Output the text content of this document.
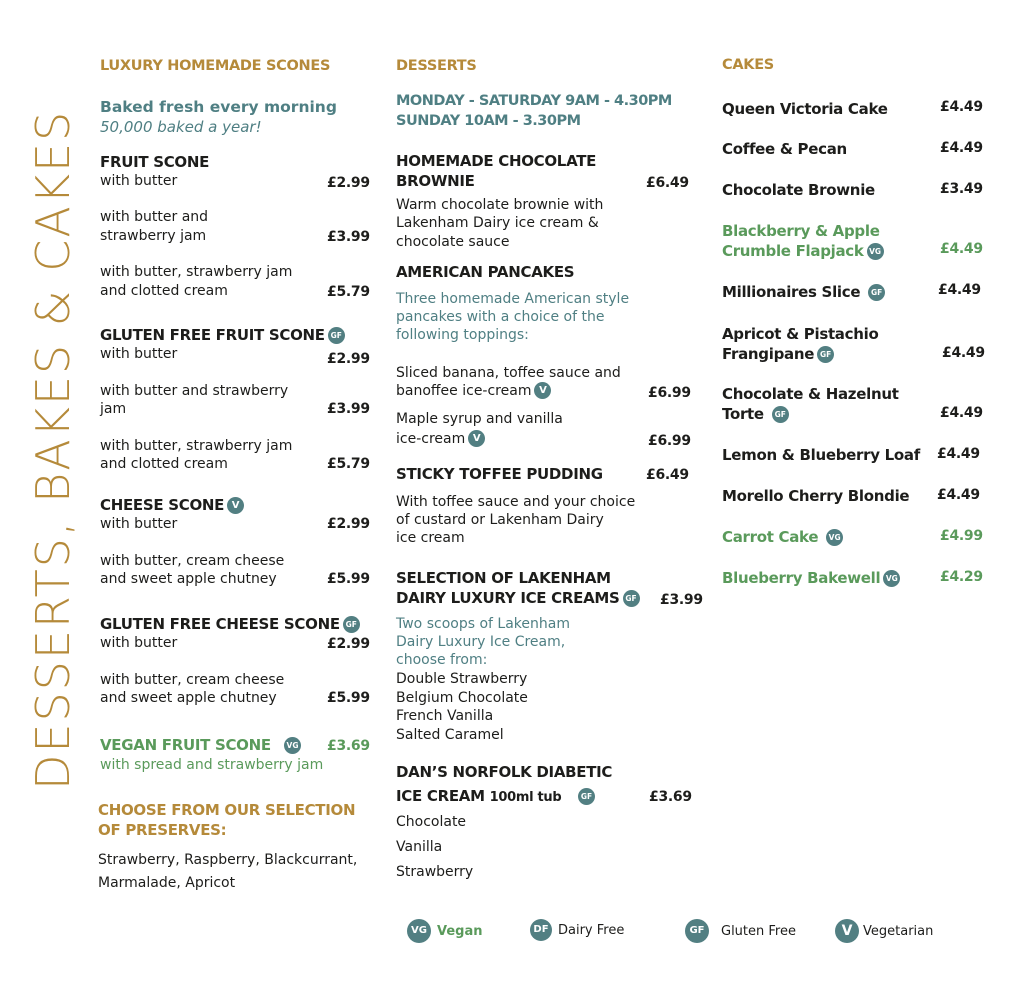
DESSERTS, BAKES & CAKES
LUXURY HOMEMADE SCONES
Baked fresh every morning
50,000 baked a year!
FRUIT SCONE
with butter	£2.99
with butter and
strawberry jam	£3.99
with butter, strawberry jam
and clotted cream	£5.79
GLUTEN FREE FRUIT SCONE GF
with butter	£2.99
with butter and strawberry
jam	£3.99
with butter, strawberry jam
and clotted cream	£5.79
CHEESE SCONE V
with butter	£2.99
with butter, cream cheese
and sweet apple chutney	£5.99
GLUTEN FREE CHEESE SCONE GF
with butter	£2.99
with butter, cream cheese
and sweet apple chutney	£5.99
VEGAN FRUIT SCONE	VG £3.69
with spread and strawberry jam
CHOOSE FROM OUR SELECTION
OF PRESERVES:
Strawberry, Raspberry, Blackcurrant,
Marmalade, Apricot
DESSERTS
MONDAY - SATURDAY 9AM - 4.30PM
SUNDAY 10AM - 3.30PM
HOMEMADE CHOCOLATE
BROWNIE	£6.49
Warm chocolate brownie with
Lakenham Dairy ice cream &
chocolate sauce
AMERICAN PANCAKES
Three homemade American style
pancakes with a choice of the
following toppings:
Sliced banana, toffee sauce and
banoffee ice-cream V	£6.99
Maple syrup and vanilla
ice-cream V	£6.99
STICKY TOFFEE PUDDING	£6.49
With toffee sauce and your choice
of custard or Lakenham Dairy
ice cream
SELECTION OF LAKENHAM
DAIRY LUXURY ICE CREAMS GF £3.99
Two scoops of Lakenham
Dairy Luxury Ice Cream,
choose from:
Double Strawberry
Belgium Chocolate
French Vanilla
Salted Caramel
DAN’S NORFOLK DIABETIC
ICE CREAM 100ml tub	GF	£3.69
Chocolate
Vanilla
Strawberry
CAKES
Queen Victoria Cake	£4.49
Coffee & Pecan	£4.49
Chocolate Brownie	£3.49
Blackberry & Apple
Crumble Flapjack VG	£4.49
Millionaires Slice GF	£4.49
Apricot & Pistachio
Frangipane GF	£4.49
Chocolate & Hazelnut
Torte GF	£4.49
Lemon & Blueberry Loaf £4.49
Morello Cherry Blondie £4.49
Carrot Cake VG	£4.99
Blueberry Bakewell VG	£4.29
VG Vegan	DF Dairy Free	GF Gluten Free	V Vegetarian
